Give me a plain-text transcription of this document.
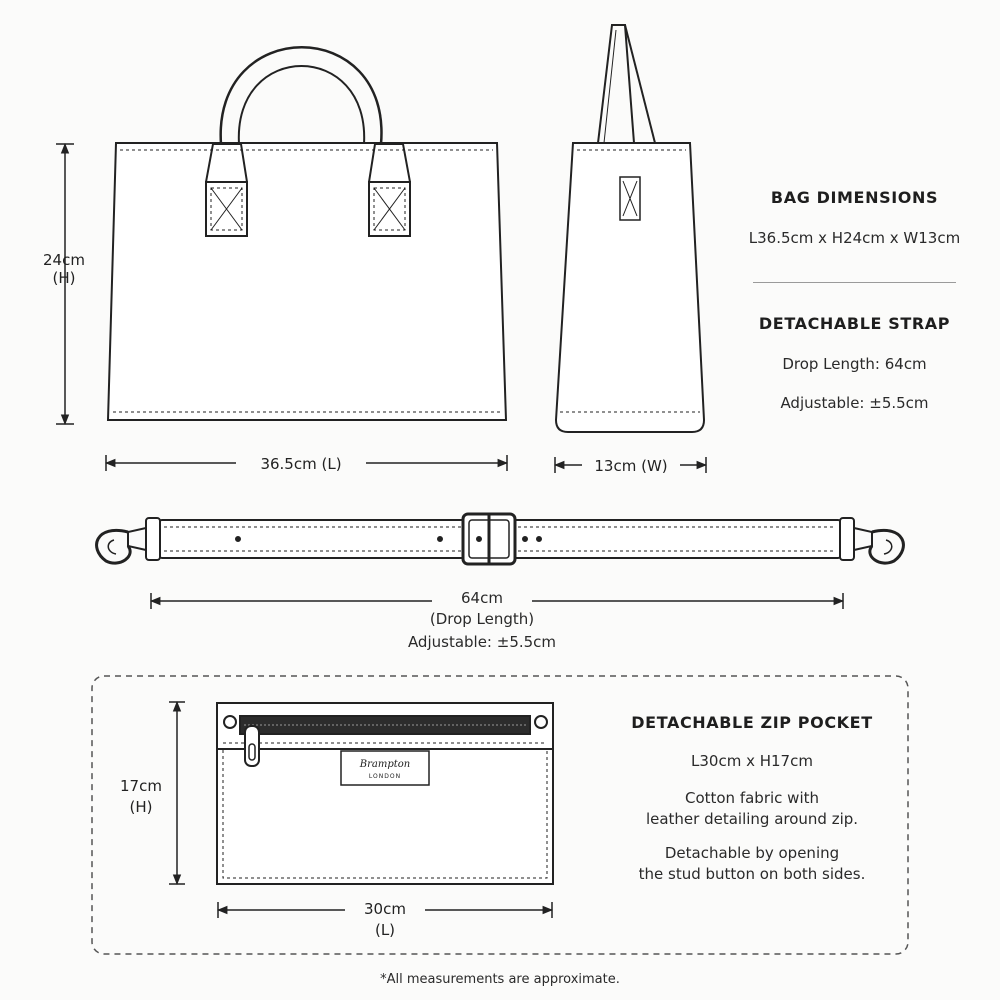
Brampton
LONDON
24cm
(H)
36.5cm (L)	13cm (W)
BAG DIMENSIONS
L36.5cm x H24cm x W13cm
DETACHABLE STRAP
Drop Length: 64cm
Adjustable: ±5.5cm
64cm
(Drop Length)
Adjustable: ±5.5cm
17cm
(H)
30cm
(L)
DETACHABLE ZIP POCKET
L30cm x H17cm
Cotton fabric with
leather detailing around zip.
Detachable by opening
the stud button on both sides.
*All measurements are approximate.
